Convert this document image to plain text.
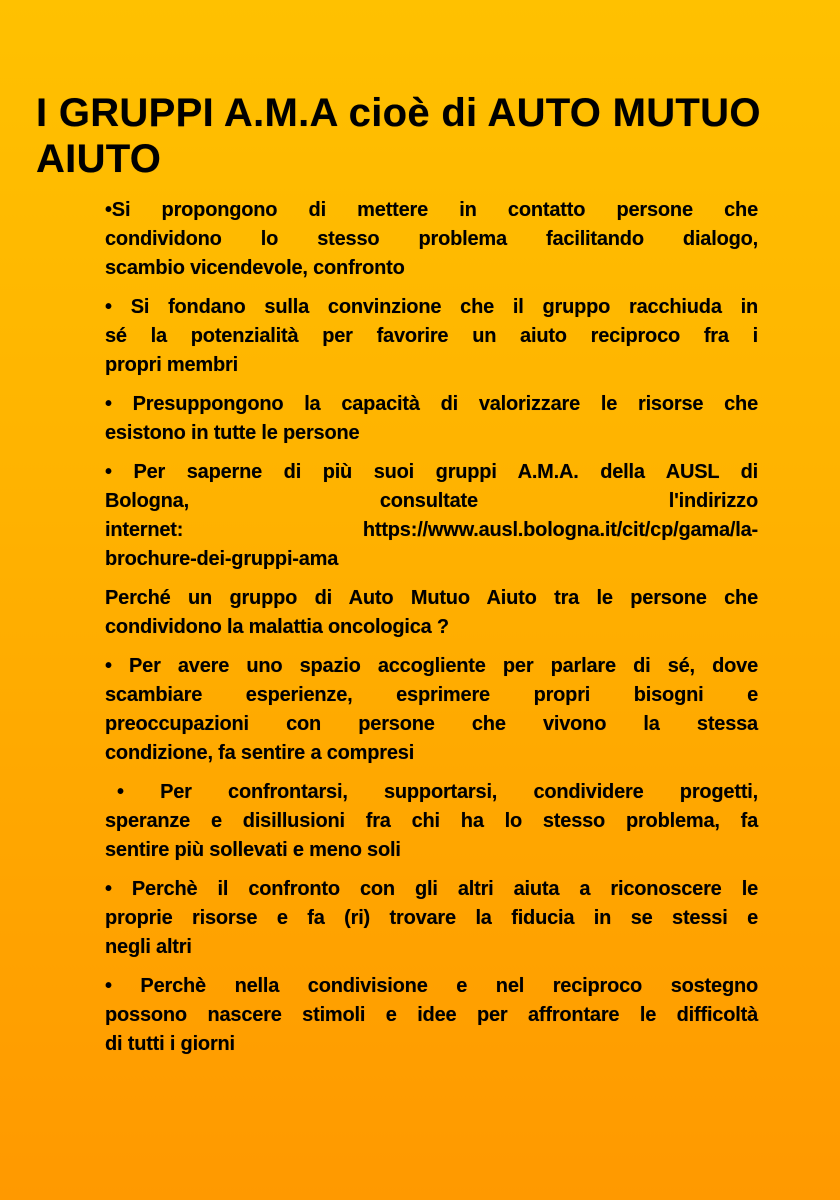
I GRUPPI A.M.A cioè di AUTO MUTUO
AIUTO
•Si propongono di mettere in contatto persone che
condividono lo stesso problema facilitando dialogo,
scambio vicendevole, confronto
• Si fondano sulla convinzione che il gruppo racchiuda in
sé la potenzialità per favorire un aiuto reciproco fra i
propri membri
• Presuppongono la capacità di valorizzare le risorse che
esistono in tutte le persone
• Per saperne di più suoi gruppi A.M.A. della AUSL di
Bologna, consultate l'indirizzo
internet: https://www.ausl.bologna.it/cit/cp/gama/la-
brochure-dei-gruppi-ama
Perché un gruppo di Auto Mutuo Aiuto tra le persone che
condividono la malattia oncologica ?
• Per avere uno spazio accogliente per parlare di sé, dove
scambiare esperienze, esprimere propri bisogni e
preoccupazioni con persone che vivono la stessa
condizione, fa sentire a compresi
• Per confrontarsi, supportarsi, condividere progetti,
speranze e disillusioni fra chi ha lo stesso problema, fa
sentire più sollevati e meno soli
• Perchè il confronto con gli altri aiuta a riconoscere le
proprie risorse e fa (ri) trovare la fiducia in se stessi e
negli altri
• Perchè nella condivisione e nel reciproco sostegno
possono nascere stimoli e idee per affrontare le difficoltà
di tutti i giorni
